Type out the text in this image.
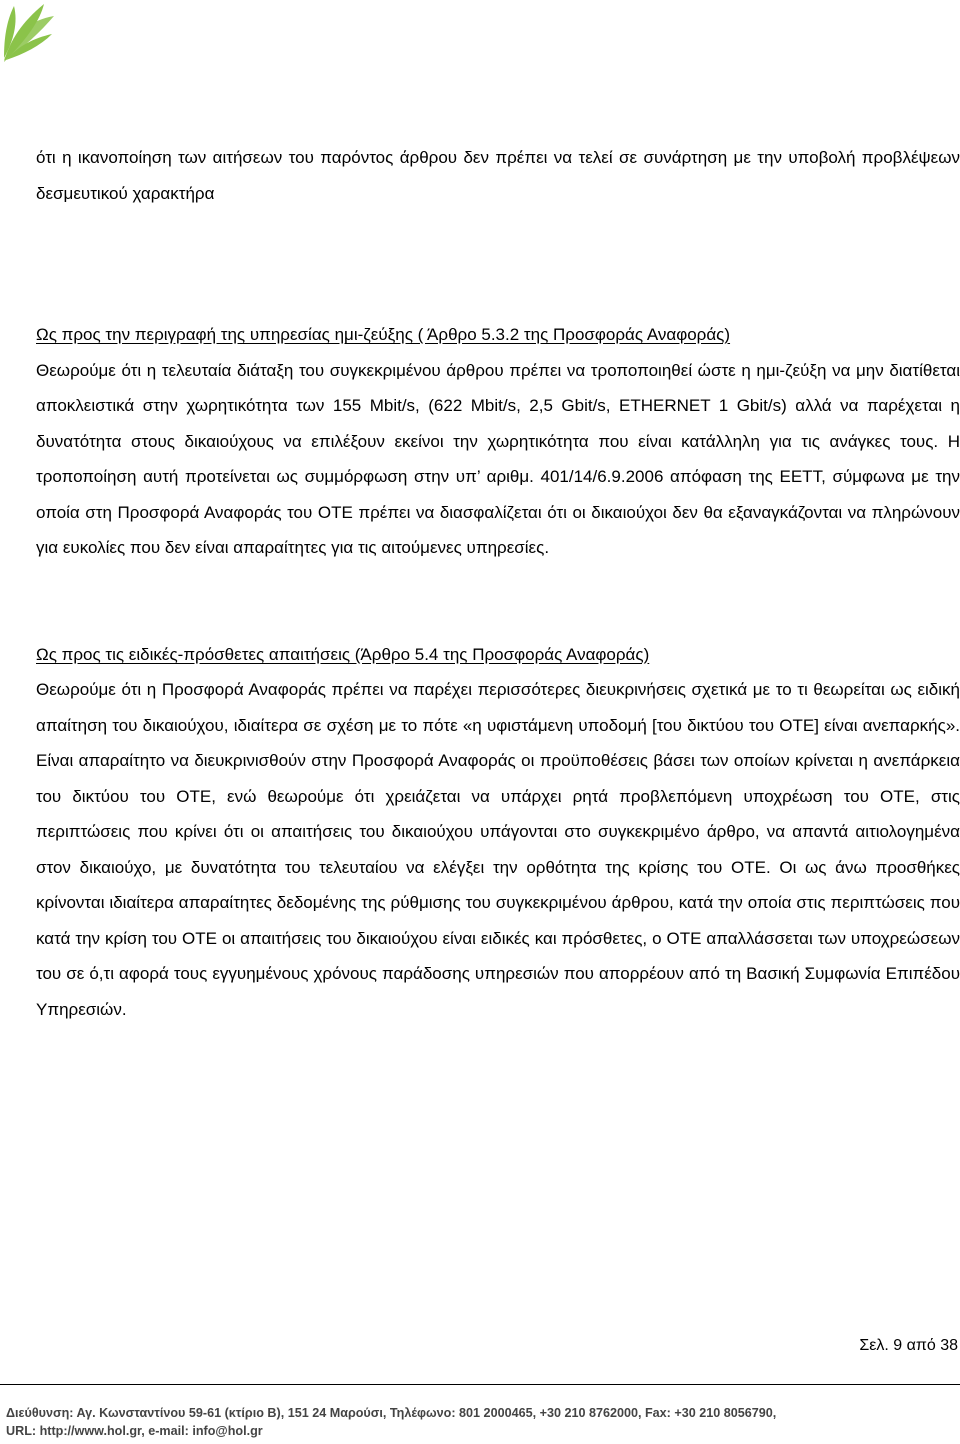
ότι η ικανοποίηση των αιτήσεων του παρόντος άρθρου δεν πρέπει να τελεί σε συνάρτηση με την υποβολή προβλέψεων δεσμευτικού χαρακτήρα

Ως προς την περιγραφή της υπηρεσίας ημι-ζεύξης ( Άρθρο 5.3.2 της Προσφοράς Αναφοράς)

Θεωρούμε ότι η τελευταία διάταξη του συγκεκριμένου άρθρου πρέπει να τροποποιηθεί ώστε η ημι-ζεύξη να μην διατίθεται αποκλειστικά στην χωρητικότητα των 155 Mbit/s, (622 Mbit/s, 2,5 Gbit/s, ETHERNET 1 Gbit/s) αλλά να παρέχεται η δυνατότητα στους δικαιούχους να επιλέξουν εκείνοι την χωρητικότητα που είναι κατάλληλη για τις ανάγκες τους. Η τροποποίηση αυτή προτείνεται ως συμμόρφωση στην υπ’ αριθμ. 401/14/6.9.2006 απόφαση της ΕΕΤΤ, σύμφωνα με την οποία στη Προσφορά Αναφοράς του ΟΤΕ πρέπει να διασφαλίζεται ότι οι δικαιούχοι δεν θα εξαναγκάζονται να πληρώνουν για ευκολίες που δεν είναι απαραίτητες για τις αιτούμενες υπηρεσίες.

Ως προς τις ειδικές-πρόσθετες απαιτήσεις (Άρθρο 5.4 της Προσφοράς Αναφοράς)

Θεωρούμε ότι η Προσφορά Αναφοράς πρέπει να παρέχει περισσότερες διευκρινήσεις σχετικά με το τι θεωρείται ως ειδική απαίτηση του δικαιούχου, ιδιαίτερα σε σχέση με το πότε «η υφιστάμενη υποδομή [του δικτύου του ΟΤΕ] είναι ανεπαρκής». Είναι απαραίτητο να διευκρινισθούν στην Προσφορά Αναφοράς οι προϋποθέσεις βάσει των οποίων κρίνεται η ανεπάρκεια του δικτύου του ΟΤΕ, ενώ θεωρούμε ότι χρειάζεται να υπάρχει ρητά προβλεπόμενη υποχρέωση του ΟΤΕ, στις περιπτώσεις που κρίνει ότι οι απαιτήσεις του δικαιούχου υπάγονται στο συγκεκριμένο άρθρο, να απαντά αιτιολογημένα στον δικαιούχο, με δυνατότητα του τελευταίου να ελέγξει την ορθότητα της κρίσης του ΟΤΕ. Οι ως άνω προσθήκες κρίνονται ιδιαίτερα απαραίτητες δεδομένης της ρύθμισης του συγκεκριμένου άρθρου, κατά την οποία στις περιπτώσεις που κατά την κρίση του ΟΤΕ οι απαιτήσεις του δικαιούχου είναι ειδικές και πρόσθετες, ο ΟΤΕ απαλλάσσεται των υποχρεώσεων του σε ό,τι αφορά τους εγγυημένους χρόνους παράδοσης υπηρεσιών που απορρέουν από τη Βασική Συμφωνία Επιπέδου Υπηρεσιών.

Σελ. 9 από 38
Διεύθυνση: Αγ. Κωνσταντίνου 59-61 (κτίριο Β), 151 24 Μαρούσι, Τηλέφωνο: 801 2000465, +30 210 8762000, Fax: +30 210 8056790,
URL: http://www.hol.gr, e-mail: info@hol.gr
